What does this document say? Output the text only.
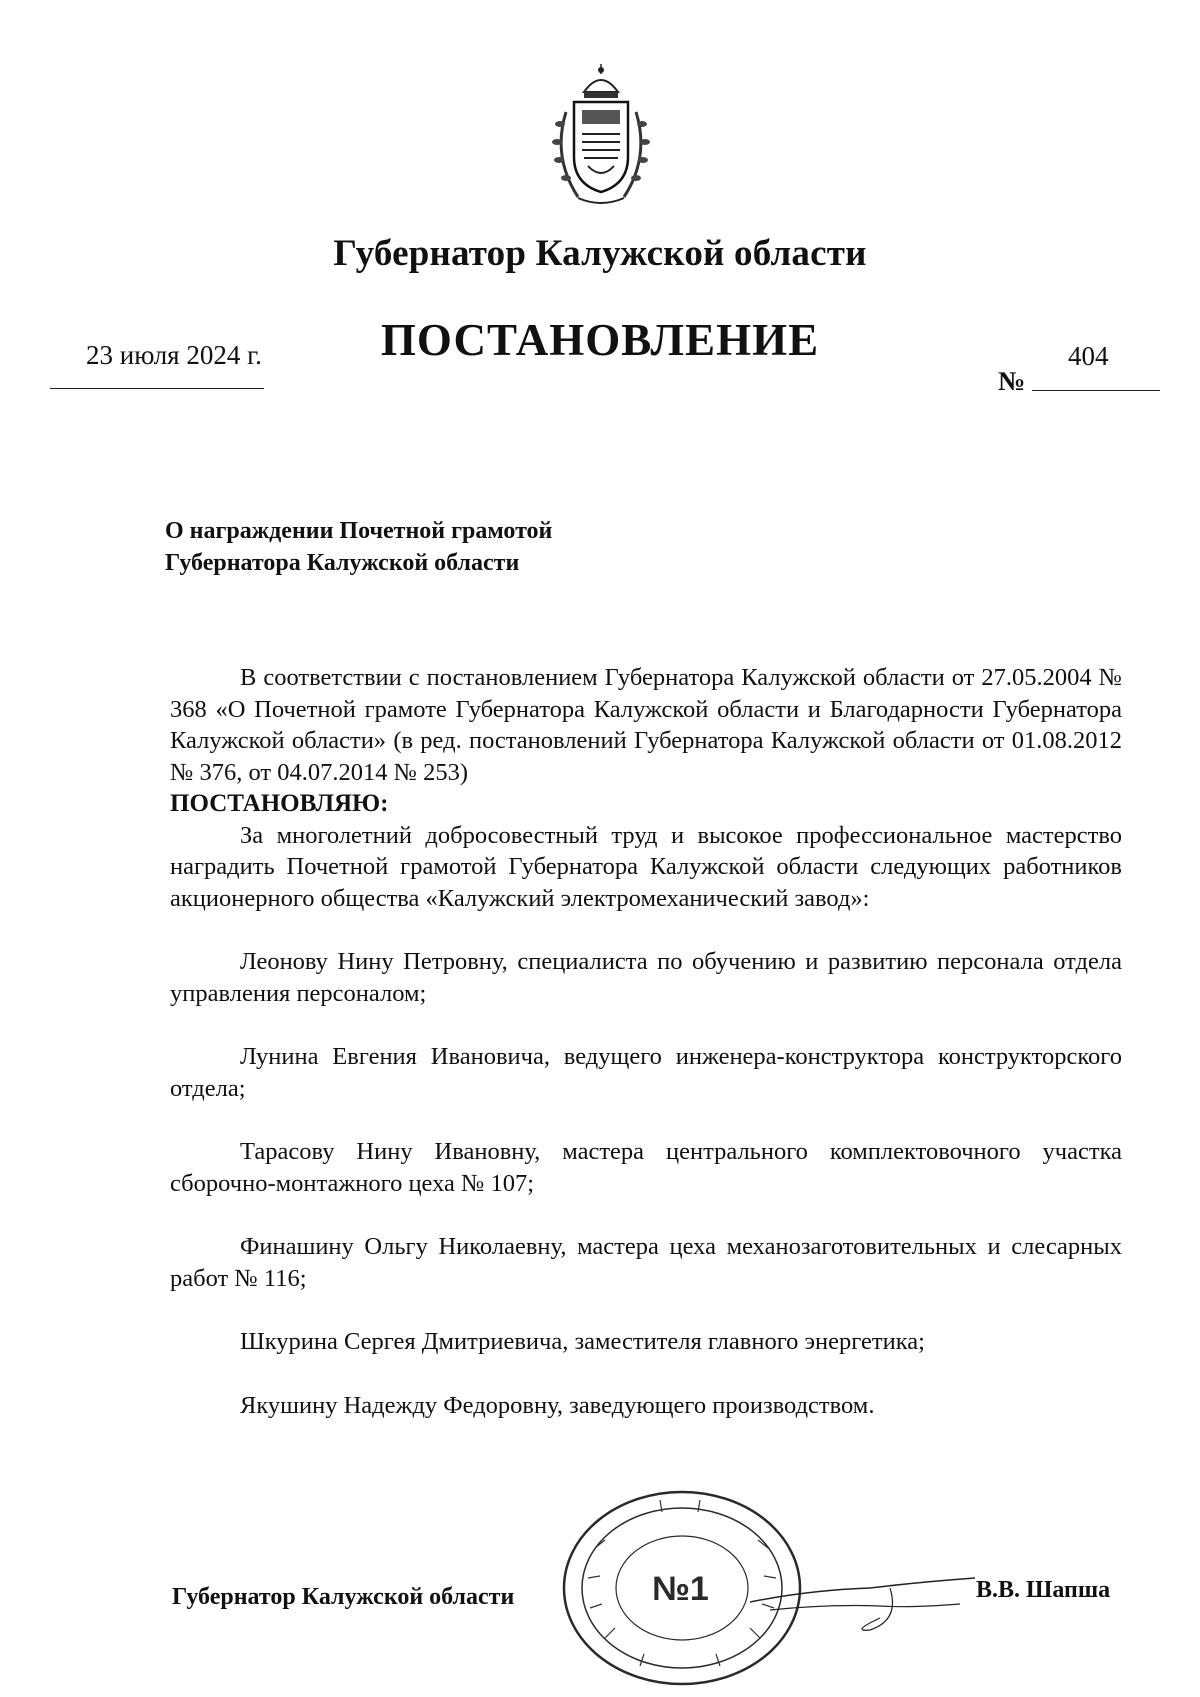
Губернатор Калужской области
ПОСТАНОВЛЕНИЕ
23 июля 2024 г.	404
№
О награждении Почетной грамотой
Губернатора Калужской области

В соответствии с постановлением Губернатора Калужской области от 27.05.2004 № 368 «О Почетной грамоте Губернатора Калужской области и Благодарности Губернатора Калужской области» (в ред. постановлений Губернатора Калужской области от 01.08.2012 № 376, от 04.07.2014 № 253)

ПОСТАНОВЛЯЮ:

За многолетний добросовестный труд и высокое профессиональное мастерство наградить Почетной грамотой Губернатора Калужской области следующих работников акционерного общества «Калужский электромеханический завод»:

Леонову Нину Петровну, специалиста по обучению и развитию персонала отдела управления персоналом;

Лунина Евгения Ивановича, ведущего инженера-конструктора конструкторского отдела;

Тарасову Нину Ивановну, мастера центрального комплектовочного участка сборочно-монтажного цеха № 107;

Финашину Ольгу Николаевну, мастера цеха механозаготовительных и слесарных работ № 116;

Шкурина Сергея Дмитриевича, заместителя главного энергетика;

Якушину Надежду Федоровну, заведующего производством.

№1
Губернатор Калужской области	В.В. Шапша
